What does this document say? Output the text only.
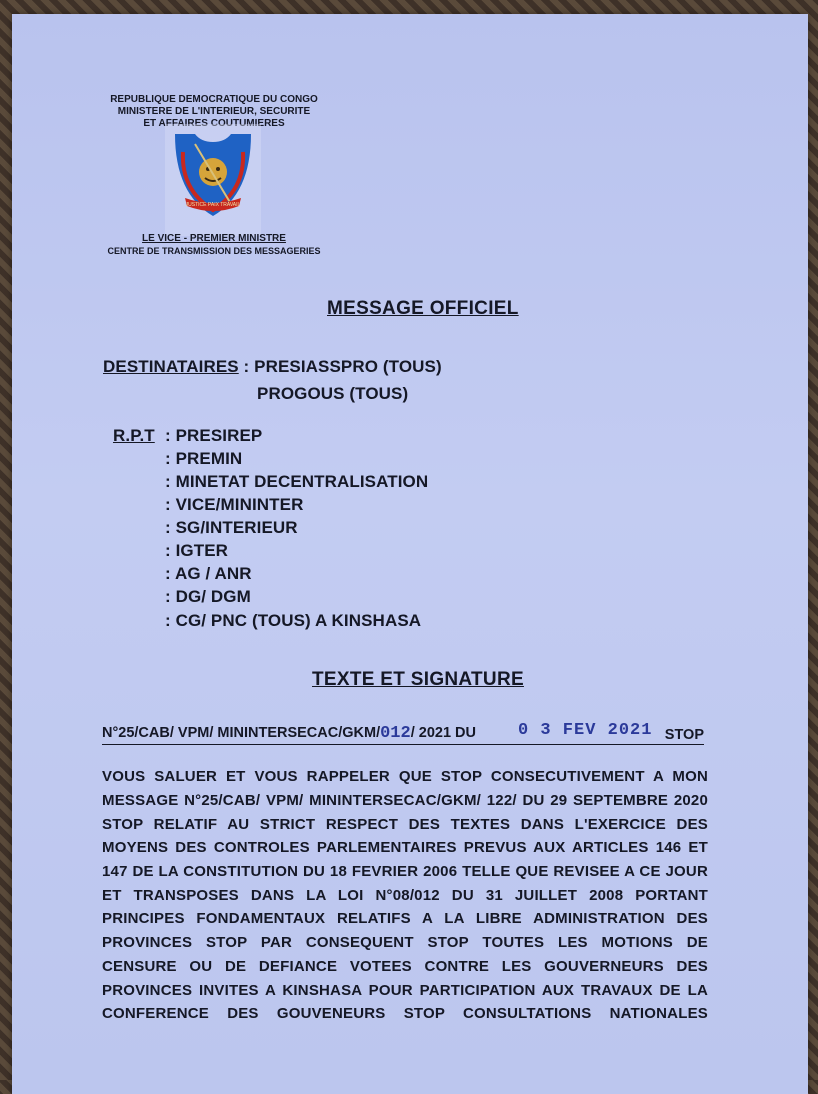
REPUBLIQUE DEMOCRATIQUE DU CONGO
MINISTERE DE L'INTERIEUR, SECURITE
ET AFFAIRES COUTUMIERES
JUSTICE PAIX TRAVAIL
LE VICE - PREMIER MINISTRE
CENTRE DE TRANSMISSION DES MESSAGERIES
MESSAGE OFFICIEL
DESTINATAIRES : PRESIASSPRO (TOUS)
PROGOUS (TOUS)
R.P.T : PRESIREP
: PREMIN
: MINETAT DECENTRALISATION
: VICE/MININTER
: SG/INTERIEUR
: IGTER
: AG / ANR
: DG/ DGM
: CG/ PNC (TOUS) A KINSHASA
TEXTE ET SIGNATURE
N°25/CAB/ VPM/ MININTERSECAC/GKM/012/ 2021 DU 0 3 FEV 2021 STOP
VOUS SALUER ET VOUS RAPPELER QUE STOP CONSECUTIVEMENT A MON
MESSAGE N°25/CAB/ VPM/ MININTERSECAC/GKM/ 122/ DU 29 SEPTEMBRE 2020
STOP RELATIF AU STRICT RESPECT DES TEXTES DANS L'EXERCICE DES
MOYENS DES CONTROLES PARLEMENTAIRES PREVUS AUX ARTICLES 146 ET
147 DE LA CONSTITUTION DU 18 FEVRIER 2006 TELLE QUE REVISEE A CE JOUR
ET TRANSPOSES DANS LA LOI N°08/012 DU 31 JUILLET 2008 PORTANT
PRINCIPES FONDAMENTAUX RELATIFS A LA LIBRE ADMINISTRATION DES
PROVINCES STOP PAR CONSEQUENT STOP TOUTES LES MOTIONS DE
CENSURE OU DE DEFIANCE VOTEES CONTRE LES GOUVERNEURS DES
PROVINCES INVITES A KINSHASA POUR PARTICIPATION AUX TRAVAUX DE LA
CONFERENCE DES GOUVENEURS STOP CONSULTATIONS NATIONALES
